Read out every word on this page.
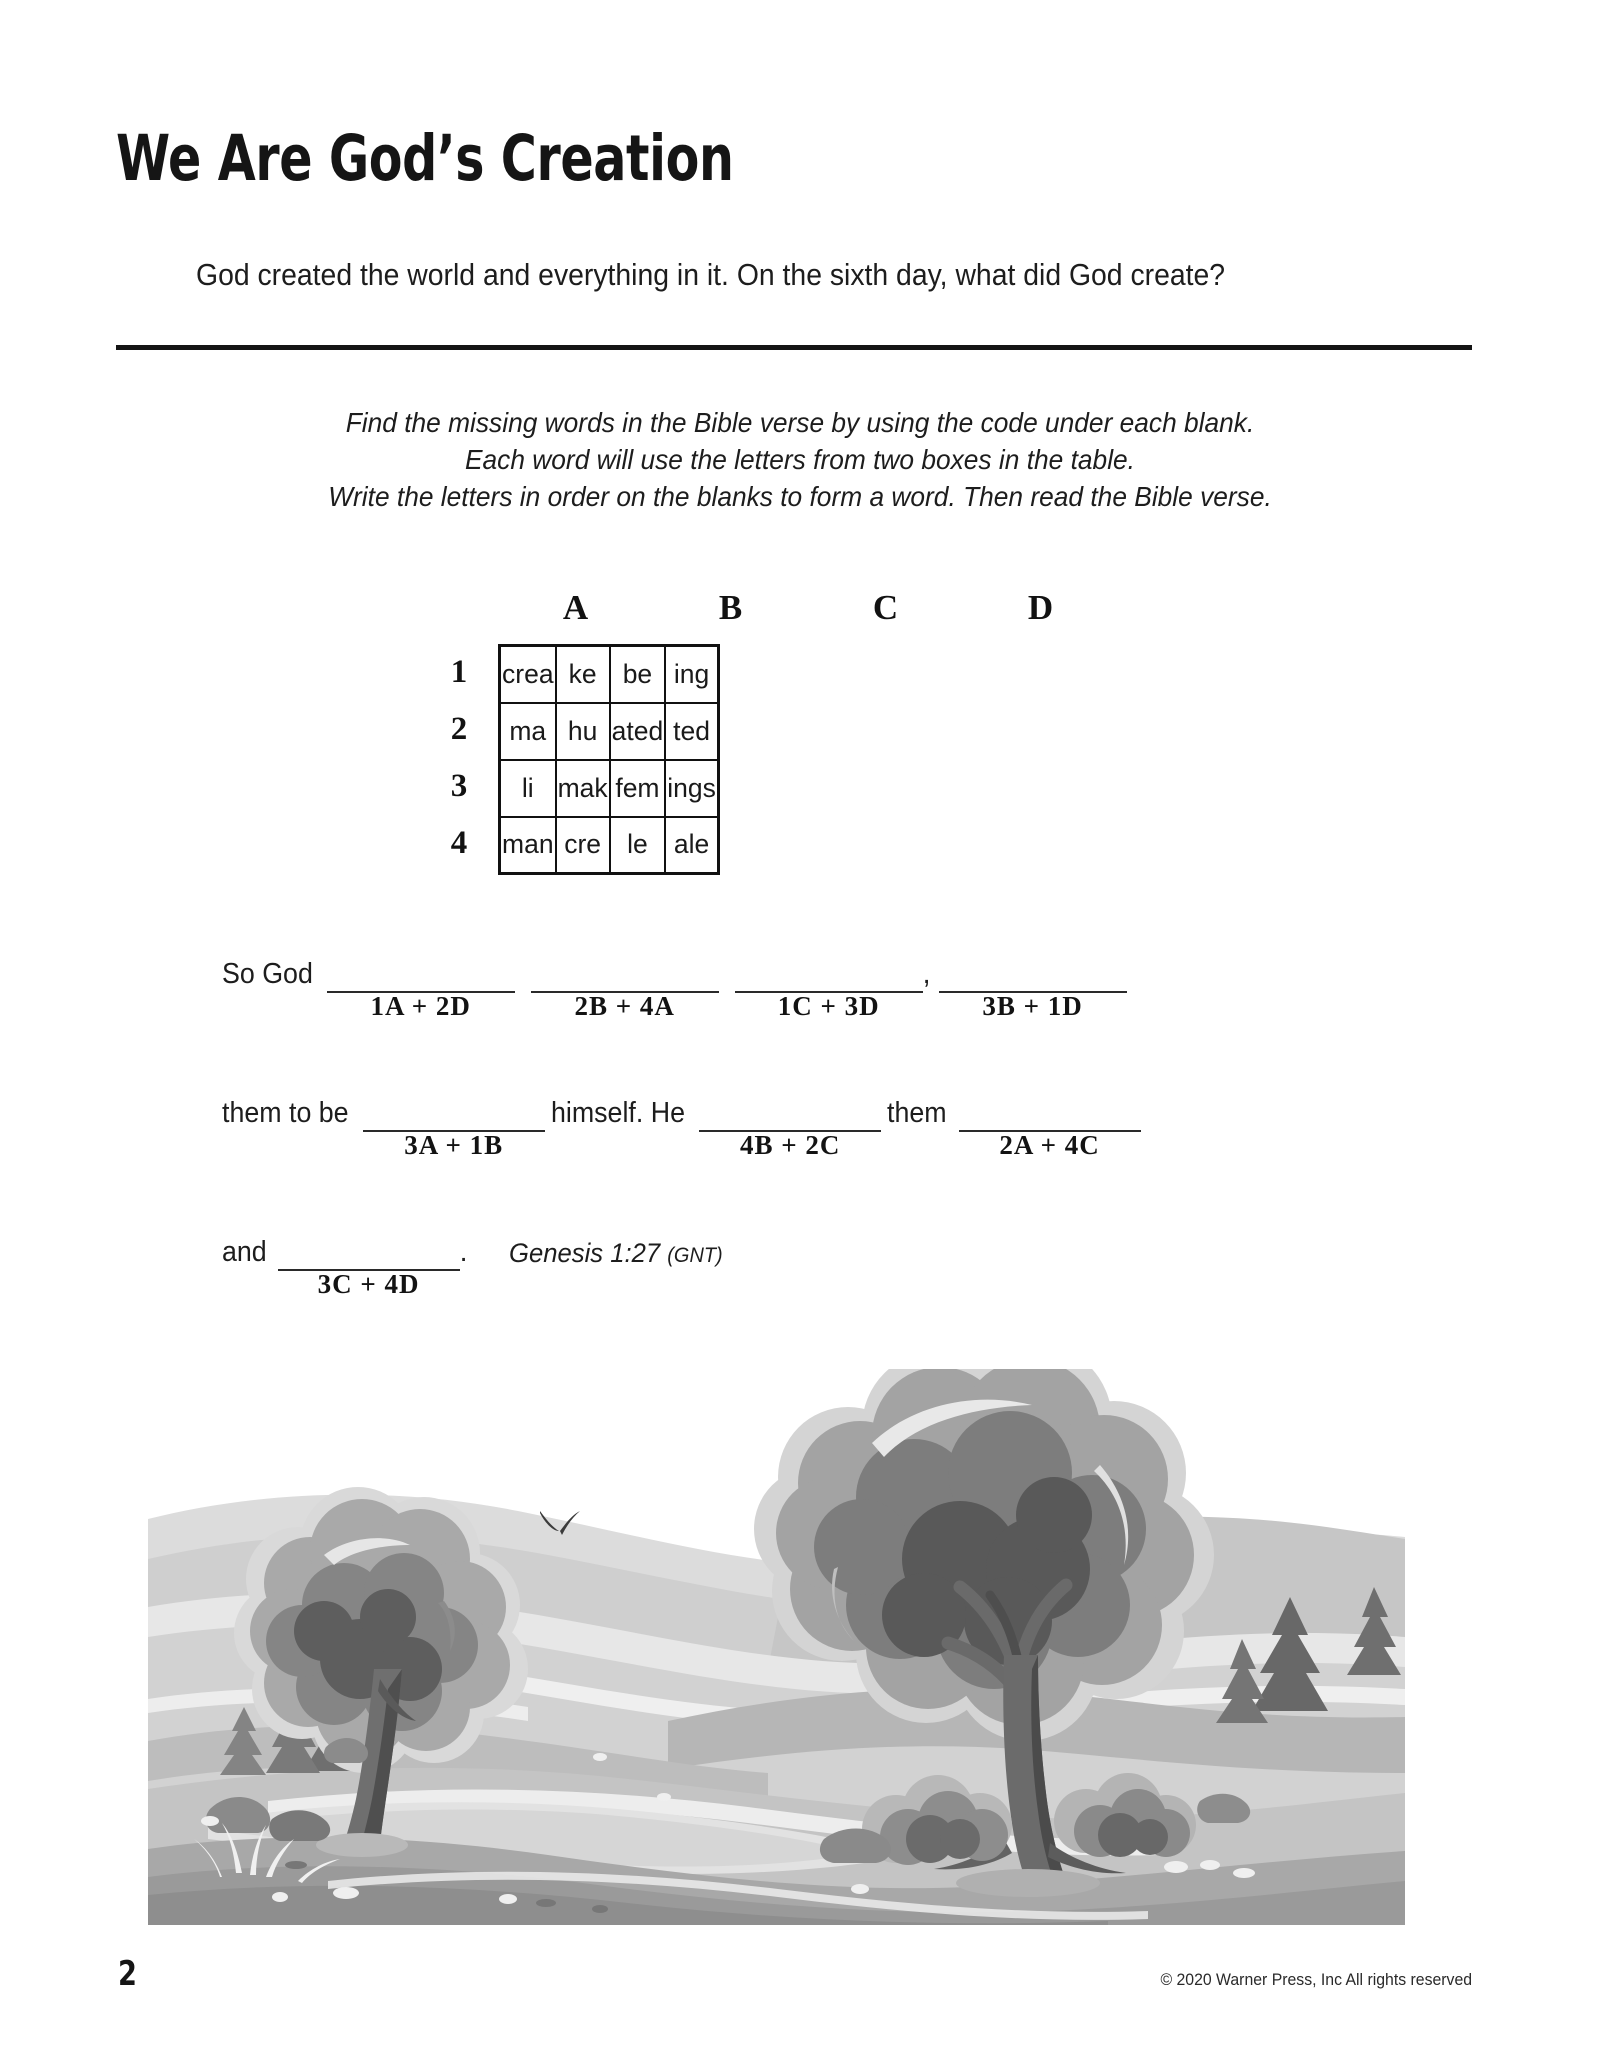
We Are God’s Creation
God created the world and everything in it. On the sixth day, what did God create?
Find the missing words in the Bible verse by using the code under each blank.
Each word will use the letters from two boxes in the table.
Write the letters in order on the blanks to form a word. Then read the Bible verse.
A	B	C	D
1
2
3
4
crea	ke	be	ing
ma	hu	ated	ted
li	mak	fem	ings
man	cre	le	ale
So God
1A + 2D	2B + 4A	1C + 3D
,
3B + 1D
them to be
3A + 1B
himself. He
4B + 2C
them
2A + 4C
and
3C + 4D
. Genesis 1:27 (GNT)
2	© 2020 Warner Press, Inc All rights reserved
